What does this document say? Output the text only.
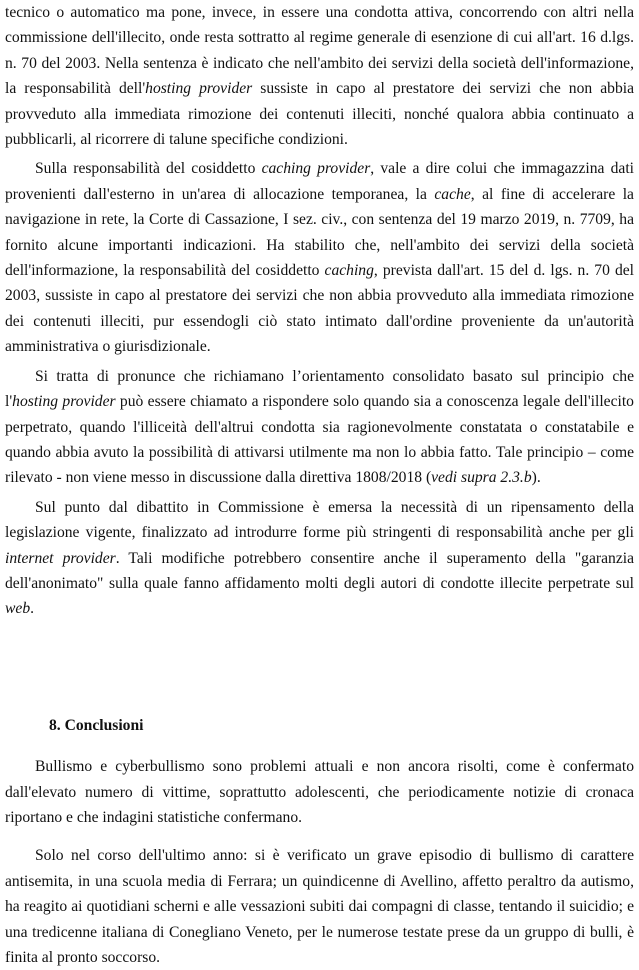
tecnico o automatico ma pone, invece, in essere una condotta attiva, concorrendo con altri nella commissione dell'illecito, onde resta sottratto al regime generale di esenzione di cui all'art. 16 d.lgs. n. 70 del 2003. Nella sentenza è indicato che nell'ambito dei servizi della società dell'informazione, la responsabilità dell'hosting provider sussiste in capo al prestatore dei servizi che non abbia provveduto alla immediata rimozione dei contenuti illeciti, nonché qualora abbia continuato a pubblicarli, al ricorrere di talune specifiche condizioni.

Sulla responsabilità del cosiddetto caching provider, vale a dire colui che immagazzina dati provenienti dall'esterno in un'area di allocazione temporanea, la cache, al fine di accelerare la navigazione in rete, la Corte di Cassazione, I sez. civ., con sentenza del 19 marzo 2019, n. 7709, ha fornito alcune importanti indicazioni. Ha stabilito che, nell'ambito dei servizi della società dell'informazione, la responsabilità del cosiddetto caching, prevista dall'art. 15 del d. lgs. n. 70 del 2003, sussiste in capo al prestatore dei servizi che non abbia provveduto alla immediata rimozione dei contenuti illeciti, pur essendogli ciò stato intimato dall'ordine proveniente da un'autorità amministrativa o giurisdizionale.

Si tratta di pronunce che richiamano l’orientamento consolidato basato sul principio che l'hosting provider può essere chiamato a rispondere solo quando sia a conoscenza legale dell'illecito perpetrato, quando l'illiceità dell'altrui condotta sia ragionevolmente constatata o constatabile e quando abbia avuto la possibilità di attivarsi utilmente ma non lo abbia fatto. Tale principio – come rilevato - non viene messo in discussione dalla direttiva 1808/2018 (vedi supra 2.3.b).

Sul punto dal dibattito in Commissione è emersa la necessità di un ripensamento della legislazione vigente, finalizzato ad introdurre forme più stringenti di responsabilità anche per gli internet provider. Tali modifiche potrebbero consentire anche il superamento della "garanzia dell'anonimato" sulla quale fanno affidamento molti degli autori di condotte illecite perpetrate sul web.

8. Conclusioni

Bullismo e cyberbullismo sono problemi attuali e non ancora risolti, come è confermato dall'elevato numero di vittime, soprattutto adolescenti, che periodicamente notizie di cronaca riportano e che indagini statistiche confermano.

Solo nel corso dell'ultimo anno: si è verificato un grave episodio di bullismo di carattere antisemita, in una scuola media di Ferrara; un quindicenne di Avellino, affetto peraltro da autismo, ha reagito ai quotidiani scherni e alle vessazioni subiti dai compagni di classe, tentando il suicidio; e una tredicenne italiana di Conegliano Veneto, per le numerose testate prese da un gruppo di bulli, è finita al pronto soccorso.
